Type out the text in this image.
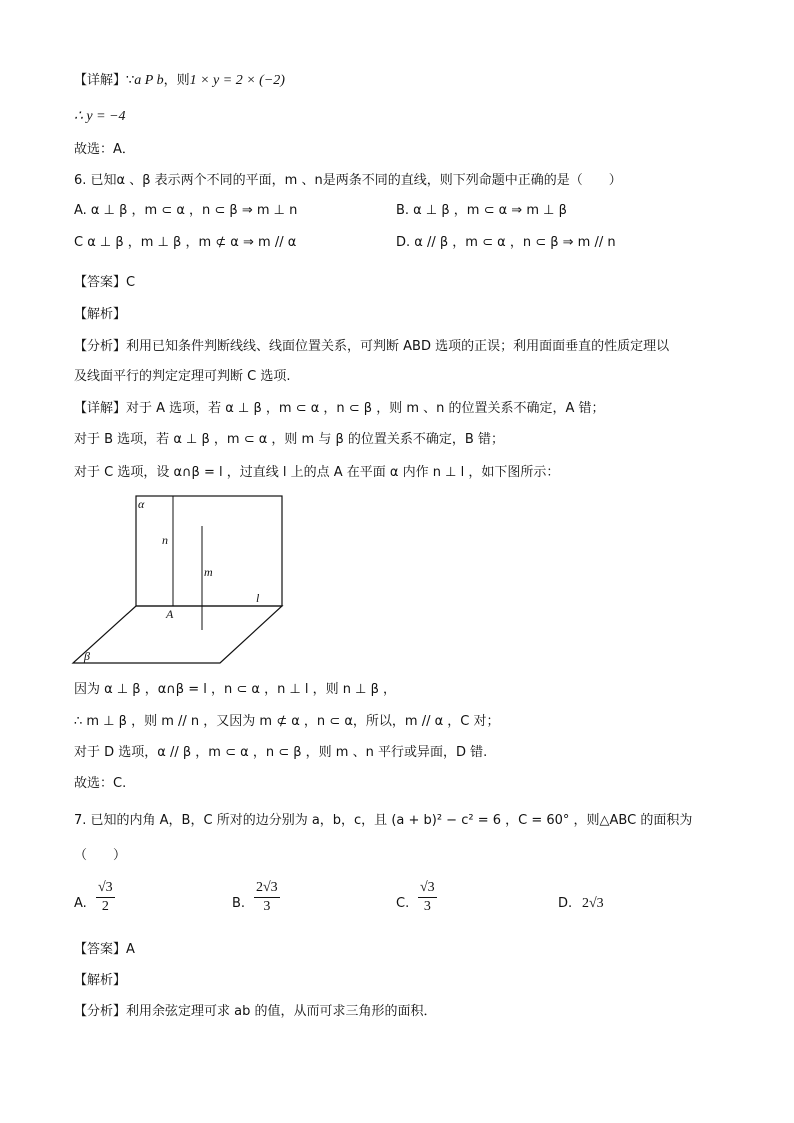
【详解】∵a P b，则1 × y = 2 × (−2)
∴ y = −4
故选：A．
6. 已知α 、β 表示两个不同的平面，m 、n是两条不同的直线，则下列命题中正确的是（　　）
A. α ⊥ β ，m ⊂ α ，n ⊂ β ⇒ m ⊥ n	B. α ⊥ β ，m ⊂ α ⇒ m ⊥ β
C α ⊥ β ，m ⊥ β ，m ⊄ α ⇒ m // α	D. α // β ，m ⊂ α ，n ⊂ β ⇒ m // n
【答案】C
【解析】
【分析】利用已知条件判断线线、线面位置关系，可判断 ABD 选项的正误；利用面面垂直的性质定理以
及线面平行的判定定理可判断 C 选项.
【详解】对于 A 选项，若 α ⊥ β ，m ⊂ α ，n ⊂ β ，则 m 、n 的位置关系不确定，A 错；
对于 B 选项，若 α ⊥ β ，m ⊂ α ，则 m 与 β 的位置关系不确定，B 错；
对于 C 选项，设 α∩β = l ，过直线 l 上的点 A 在平面 α 内作 n ⊥ l ，如下图所示：
α
n
m
l
A
β
因为 α ⊥ β ，α∩β = l ，n ⊂ α ，n ⊥ l ，则 n ⊥ β ，
∴ m ⊥ β ，则 m // n ，又因为 m ⊄ α ，n ⊂ α，所以，m // α ，C 对；
对于 D 选项，α // β ，m ⊂ α ，n ⊂ β ，则 m 、n 平行或异面，D 错.
故选：C.
7. 已知的内角 A，B，C 所对的边分别为 a，b，c，且 (a + b)² − c² = 6 ，C = 60° ，则△ABC 的面积为
（　　）
A. $\frac{√3}{2}$	B. $\frac{2√3}{3}$	C. $\frac{√3}{3}$	D. 2√3
【答案】A
【解析】
【分析】利用余弦定理可求 ab 的值，从而可求三角形的面积．
